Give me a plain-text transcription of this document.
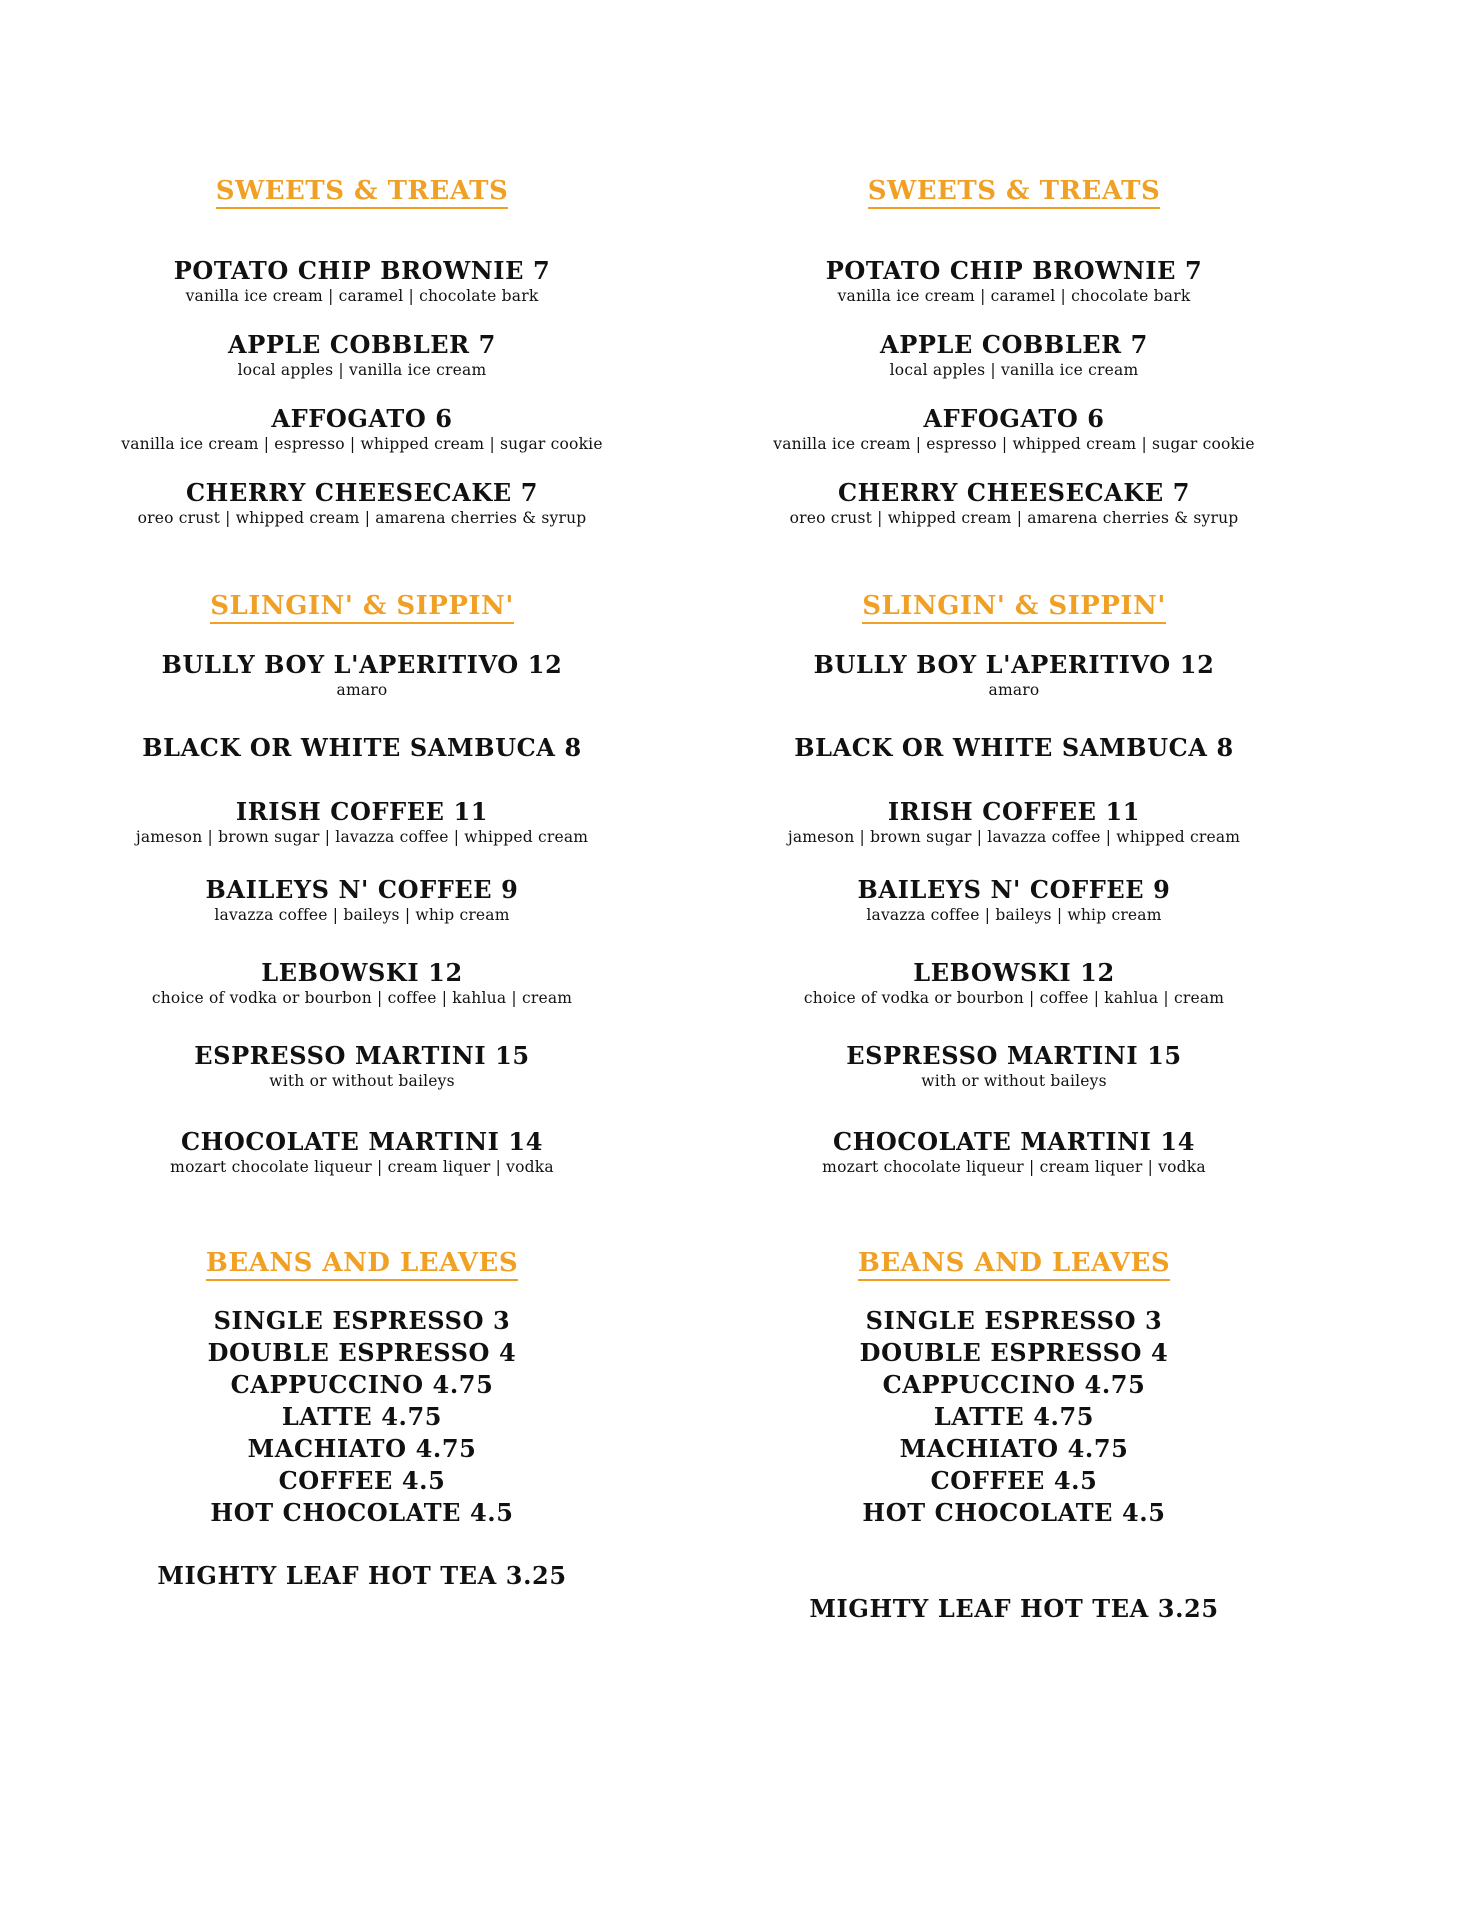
SWEETS & TREATS
POTATO CHIP BROWNIE 7
vanilla ice cream | caramel | chocolate bark
APPLE COBBLER 7
local apples | vanilla ice cream
AFFOGATO 6
vanilla ice cream | espresso | whipped cream | sugar cookie
CHERRY CHEESECAKE 7
oreo crust | whipped cream | amarena cherries & syrup
SLINGIN' & SIPPIN'
BULLY BOY L'APERITIVO 12
amaro
BLACK OR WHITE SAMBUCA 8
IRISH COFFEE 11
jameson | brown sugar | lavazza coffee | whipped cream
BAILEYS N' COFFEE 9
lavazza coffee | baileys | whip cream
LEBOWSKI 12
choice of vodka or bourbon | coffee | kahlua | cream
ESPRESSO MARTINI 15
with or without baileys
CHOCOLATE MARTINI 14
mozart chocolate liqueur | cream liquer | vodka
BEANS AND LEAVES
SINGLE ESPRESSO 3
DOUBLE ESPRESSO 4
CAPPUCCINO 4.75
LATTE 4.75
MACHIATO 4.75
COFFEE 4.5
HOT CHOCOLATE 4.5
MIGHTY LEAF HOT TEA 3.25
SWEETS & TREATS
POTATO CHIP BROWNIE 7
vanilla ice cream | caramel | chocolate bark
APPLE COBBLER 7
local apples | vanilla ice cream
AFFOGATO 6
vanilla ice cream | espresso | whipped cream | sugar cookie
CHERRY CHEESECAKE 7
oreo crust | whipped cream | amarena cherries & syrup
SLINGIN' & SIPPIN'
BULLY BOY L'APERITIVO 12
amaro
BLACK OR WHITE SAMBUCA 8
IRISH COFFEE 11
jameson | brown sugar | lavazza coffee | whipped cream
BAILEYS N' COFFEE 9
lavazza coffee | baileys | whip cream
LEBOWSKI 12
choice of vodka or bourbon | coffee | kahlua | cream
ESPRESSO MARTINI 15
with or without baileys
CHOCOLATE MARTINI 14
mozart chocolate liqueur | cream liquer | vodka
BEANS AND LEAVES
SINGLE ESPRESSO 3
DOUBLE ESPRESSO 4
CAPPUCCINO 4.75
LATTE 4.75
MACHIATO 4.75
COFFEE 4.5
HOT CHOCOLATE 4.5
MIGHTY LEAF HOT TEA 3.25
